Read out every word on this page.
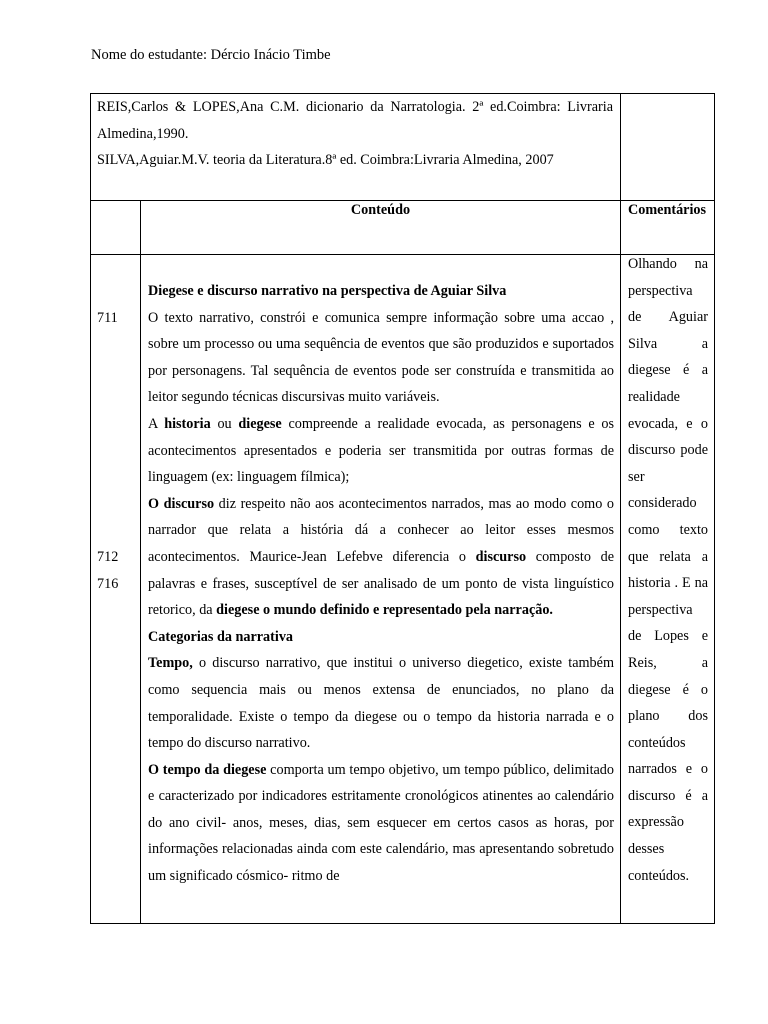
Nome do estudante: Dércio Inácio Timbe

REIS,Carlos & LOPES,Ana C.M. dicionario da Narratologia. 2ª ed.Coimbra: Livraria Almedina,1990.

SILVA,Aguiar.M.V. teoria da Literatura.8ª ed. Coimbra:Livraria Almedina, 2007

Conteúdo	Comentários
711
712
716

Diegese e discurso narrativo na perspectiva de Aguiar Silva

O texto narrativo, constrói e comunica sempre informação sobre uma accao , sobre um processo ou uma sequência de eventos que são produzidos e suportados por personagens. Tal sequência de eventos pode ser construída e transmitida ao leitor segundo técnicas discursivas muito variáveis.

A historia ou diegese compreende a realidade evocada, as personagens e os acontecimentos apresentados e poderia ser transmitida por outras formas de linguagem (ex: linguagem fílmica);

O discurso diz respeito não aos acontecimentos narrados, mas ao modo como o narrador que relata a história dá a conhecer ao leitor esses mesmos acontecimentos. Maurice-Jean Lefebve diferencia o discurso composto de palavras e frases, susceptível de ser analisado de um ponto de vista linguístico retorico, da diegese o mundo definido e representado pela narração.

Categorias da narrativa

Tempo, o discurso narrativo, que institui o universo diegetico, existe também como sequencia mais ou menos extensa de enunciados, no plano da temporalidade. Existe o tempo da diegese ou o tempo da historia narrada e o tempo do discurso narrativo.

O tempo da diegese comporta um tempo objetivo, um tempo público, delimitado e caracterizado por indicadores estritamente cronológicos atinentes ao calendário do ano civil- anos, meses, dias, sem esquecer em certos casos as horas, por informações relacionadas ainda com este calendário, mas apresentando sobretudo um significado cósmico- ritmo de

Olhando na perspectiva de Aguiar Silva a diegese é a realidade evocada, e o discurso pode ser considerado como texto que relata a historia . E na perspectiva de Lopes e Reis, a diegese é o plano dos conteúdos narrados e o discurso é a expressão desses conteúdos.
